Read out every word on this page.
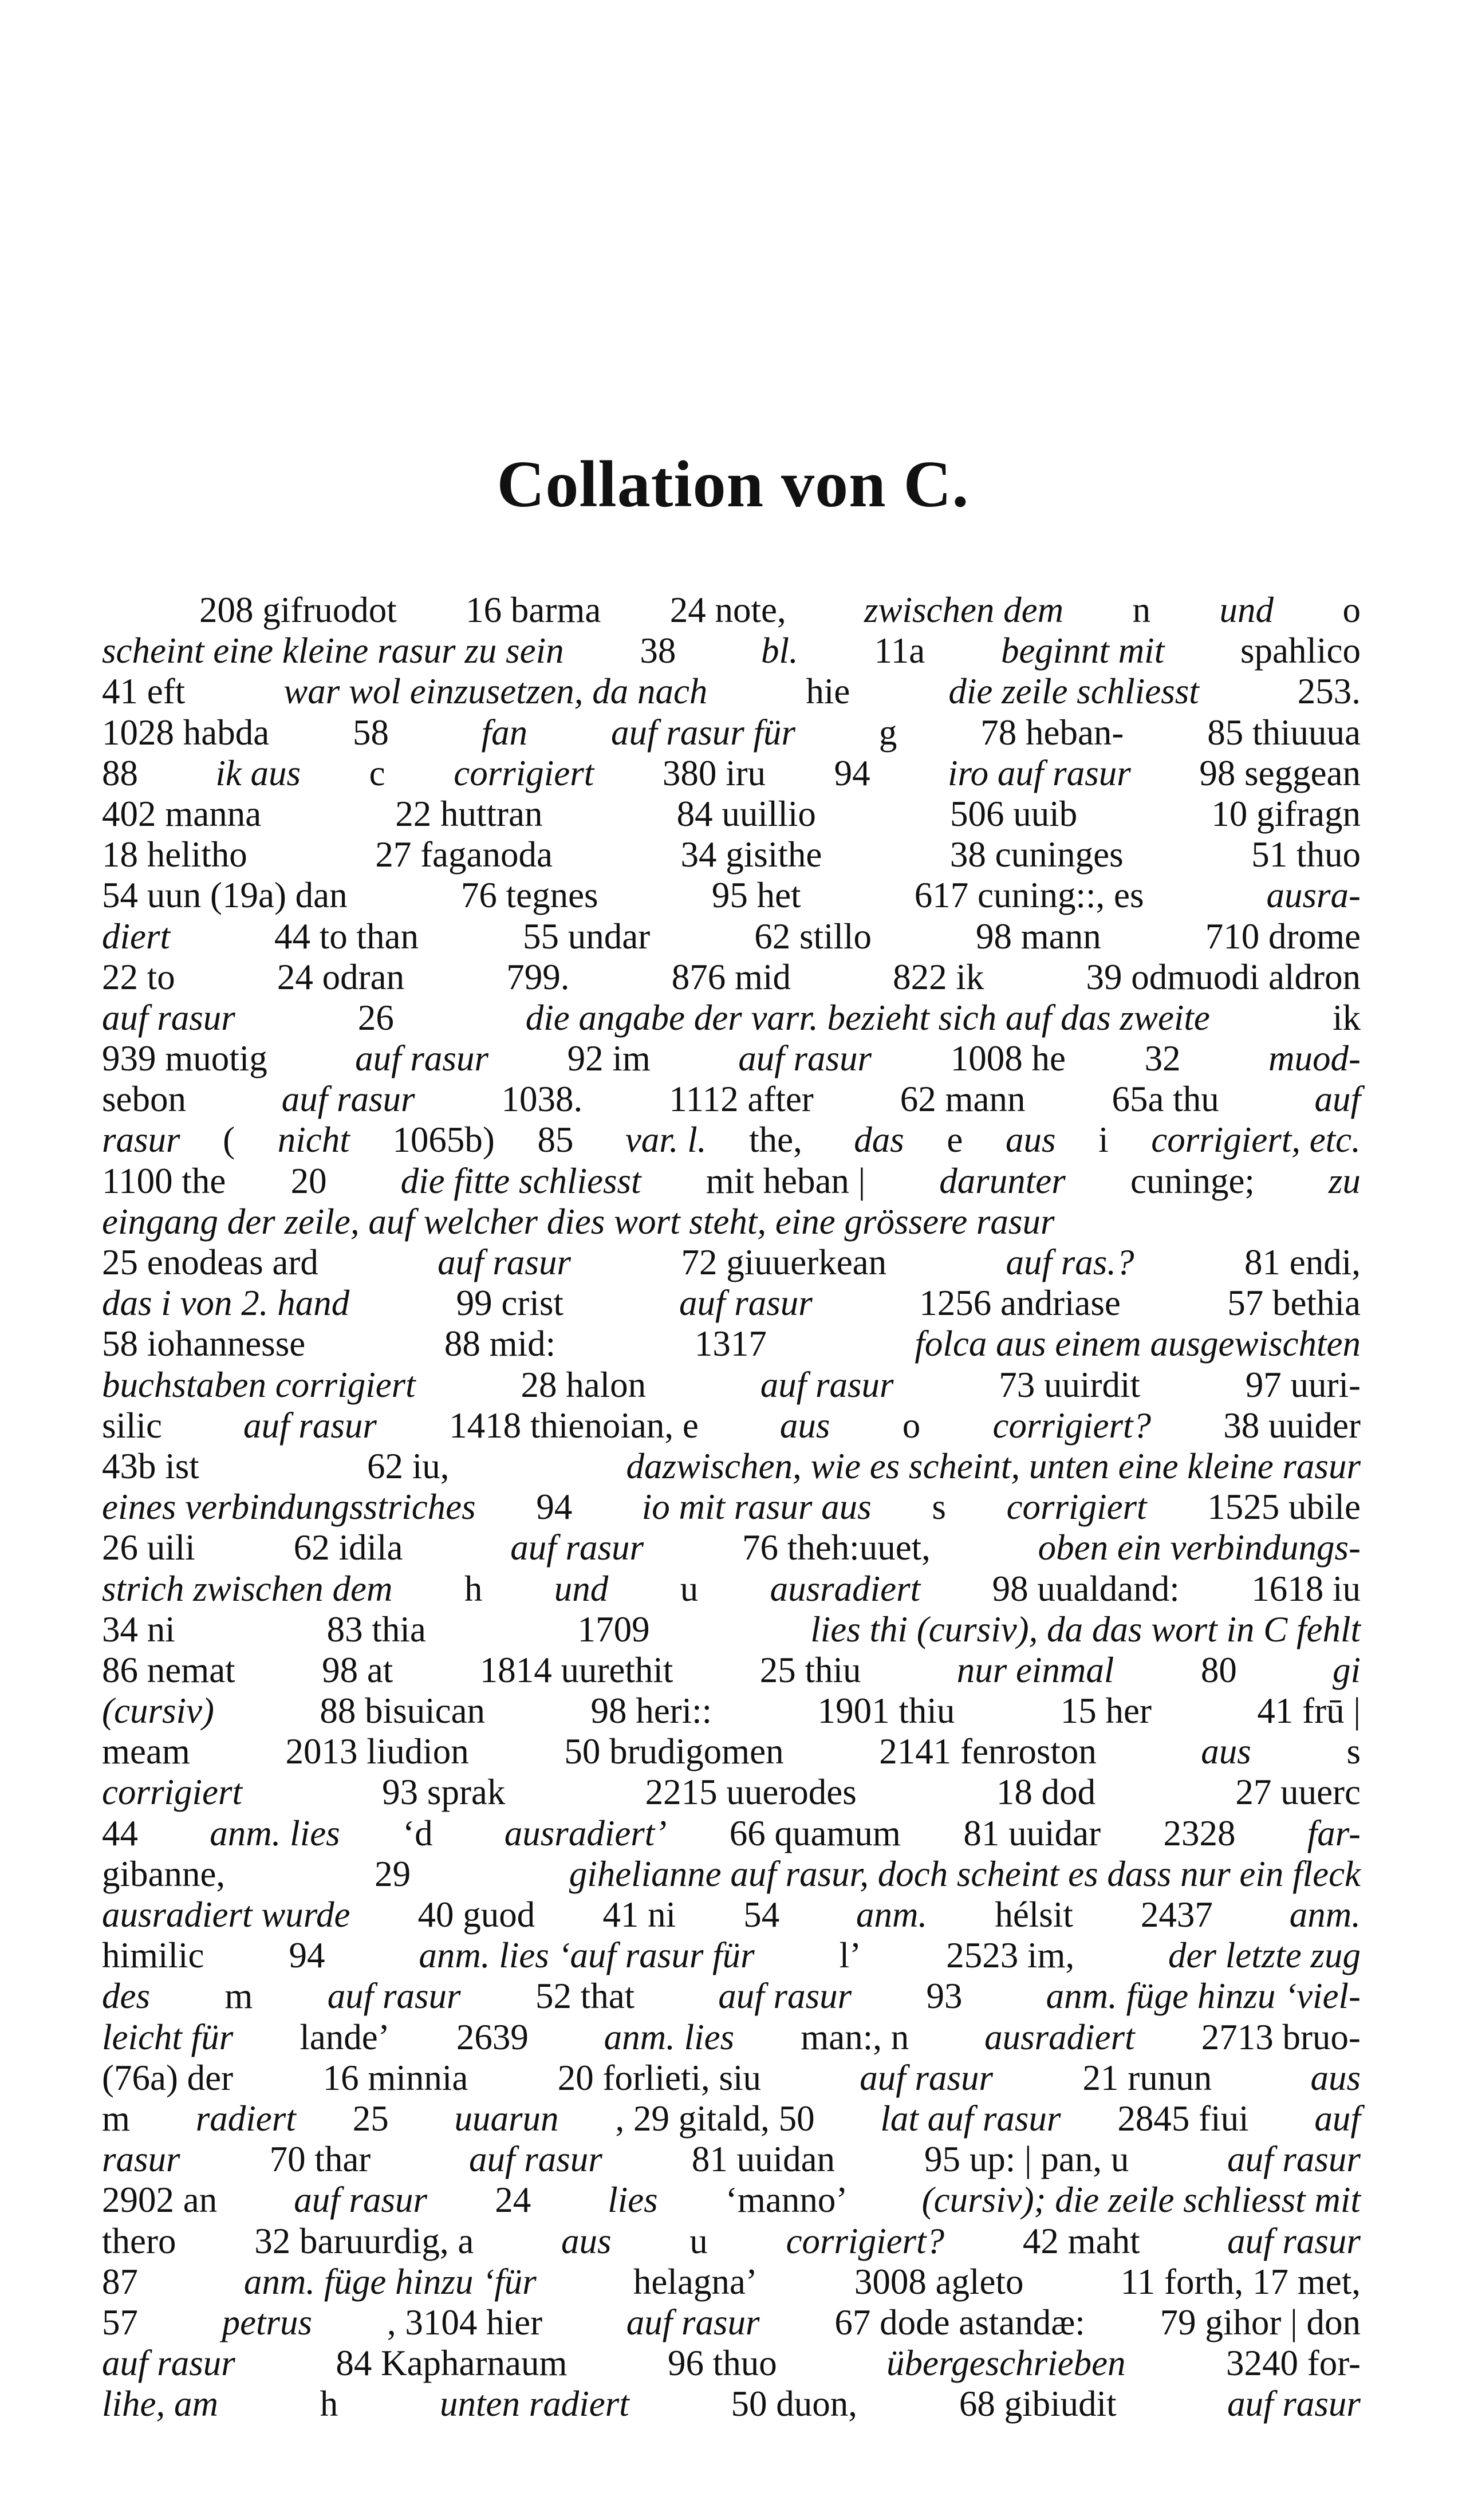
Collation von C.
208 gifruodot 16 barma 24 note, zwischen dem n und o
scheint eine kleine rasur zu sein 38 bl. 11a beginnt mit spahlico
41 eft	war wol einzusetzen, da nach	hie	die zeile schliesst	253.
1028 habda 58 fan auf rasur für g 78 heban- 85 thiuuua
88 ik aus c corrigiert 380 iru 94 iro auf rasur 98 seggean
402 manna	22 huttran	84 uuillio	506 uuib	10 gifragn
18 helitho	27 faganoda	34 gisithe	38 cuninges	51 thuo
54 uun (19a) dan	76 tegnes	95 het	617 cuning::, es	ausra-
diert	44 to than	55 undar	62 stillo	98 mann	710 drome
22 to	24 odran	799.	876 mid	822 ik	39 odmuodi aldron
auf rasur	26	die angabe der varr. bezieht sich auf das zweite	ik
939 muotig auf rasur 92 im auf rasur 1008 he 32 muod-
sebon auf rasur 1038. 1112 after 62 mann 65a thu auf
rasur ( nicht 1065b) 85 var. l. the, das e aus i corrigiert, etc.
1100 the 20 die fitte schliesst mit heban | darunter cuninge; zu
eingang der zeile, auf welcher dies wort steht, eine grössere rasur
25 enodeas ard	auf rasur	72 giuuerkean	auf ras.?	81 endi,
das i von 2. hand	99 crist	auf rasur	1256 andriase	57 bethia
58 iohannesse	88 mid:	1317	folca aus einem ausgewischten
buchstaben corrigiert	28 halon	auf rasur	73 uuirdit	97 uuri-
silic auf rasur 1418 thienoian, e aus o corrigiert? 38 uuider
43b ist	62 iu,	dazwischen, wie es scheint, unten eine kleine rasur
eines verbindungsstriches 94 io mit rasur aus s corrigiert 1525 ubile
26 uili	62 idila	auf rasur	76 theh:uuet,	oben ein verbindungs-
strich zwischen dem h und u ausradiert 98 uualdand: 1618 iu
34 ni	83 thia	1709	lies thi (cursiv), da das wort in C fehlt
86 nemat 98 at 1814 uurethit 25 thiu nur einmal 80 gi
(cursiv)	88 bisuican	98 heri::	1901 thiu	15 her	41 frū |
meam	2013 liudion	50 brudigomen	2141 fenroston	aus	s
corrigiert	93 sprak	2215 uuerodes	18 dod	27 uuerc
44 anm. lies ‘d ausradiert’ 66 quamum 81 uuidar 2328 far-
gibanne,	29	gihelianne auf rasur, doch scheint es dass nur ein fleck
ausradiert wurde 40 guod 41 ni 54 anm. hélsit 2437 anm.
himilic 94 anm. lies ‘auf rasur für l’ 2523 im, der letzte zug
des m auf rasur 52 that auf rasur 93 anm. füge hinzu ‘viel-
leicht für lande’ 2639 anm. lies man:, n ausradiert 2713 bruo-
(76a) der 16 minnia 20 forlieti, siu auf rasur 21 runun aus
m radiert 25 uuarun , 29 gitald, 50 lat auf rasur 2845 fiui auf
rasur 70 thar auf rasur 81 uuidan 95 up: | pan, u auf rasur
2902 an auf rasur 24 lies ‘manno’ (cursiv); die zeile schliesst mit
thero 32 baruurdig, a aus u corrigiert? 42 maht auf rasur
87	anm. füge hinzu ‘für	helagna’	3008 agleto	11 forth, 17 met,
57 petrus , 3104 hier auf rasur 67 dode astandæ: 79 gihor | don
auf rasur	84 Kapharnaum	96 thuo	übergeschrieben	3240 for-
lihe, am	h	unten radiert	50 duon,	68 gibiudit	auf rasur
